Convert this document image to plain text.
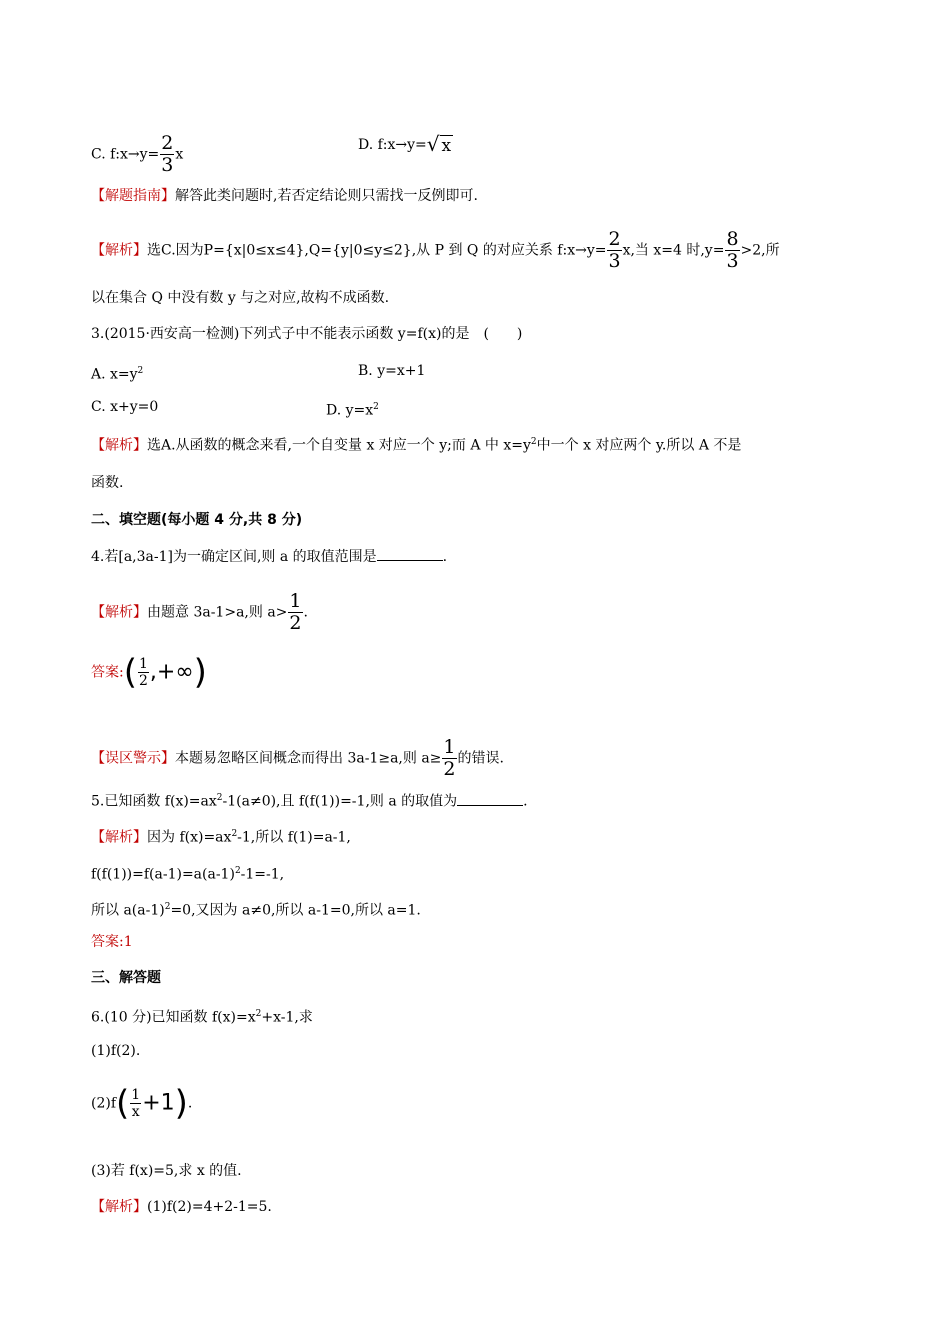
C. f:x→y= $\frac{2}{3}$ x
D. f:x→y=√ x
【解题指南】解答此类问题时,若否定结论则只需找一反例即可.
【解析】选C.因为P={x|0≤x≤4},Q={y|0≤y≤2},从 P 到 Q 的对应关系 f:x→y= $\frac{2}{3} x$,当 x=4 时$,y= \frac{8}{3} >2$,所
以在集合 Q 中没有数 y 与之对应,故构不成函数.
3.(2015·西安高一检测)下列式子中不能表示函数 y=f(x)的是　(　　)
A. $x=y^2$	B. y=x+1
C. x+y=0	D. $y=x^2$
【解析】选A.从函数的概念来看,一个自变量 x 对应一个 y;而 A 中 $x=y^2$中一个 x 对应两个 y.所以 A 不是
函数.
二、填空题(每小题 4 分,共 8 分)
4.若[a,3a-1]为一确定区间,则 a 的取值范围是	.
【解析】由题意 3a-1>a,则 $a> \frac{1}{2}$ .
答案:( $\frac{1}{2}$ ,+∞)
【误区警示】本题易忽略区间概念而得出 3a-1≥a,则 $a\ge \frac{1}{2}$ 的错误.
5.已知函数 $f(x)=ax^2-1(a\ne 0)$,且 f(f(1))=-1,则 a 的取值为	.
【解析】因为 $f(x)=ax^2-1$,所以 f(1)=a-1,
$f(f(1))=f(a-1)=a(a-1)^2-1=-1$,
所以 $a(a-1)^2=0$,又因为 a≠0,所以 a-1=0,所以 a=1.
答案:1
三、解答题
6.(10 分)已知函数 $f(x)=x^2+x-1$,求
(1)f(2).
$(2)f( \frac{1}{x} +1)$.
(3)若 f(x)=5,求 x 的值.
【解析】(1)f(2)=4+2-1=5.
